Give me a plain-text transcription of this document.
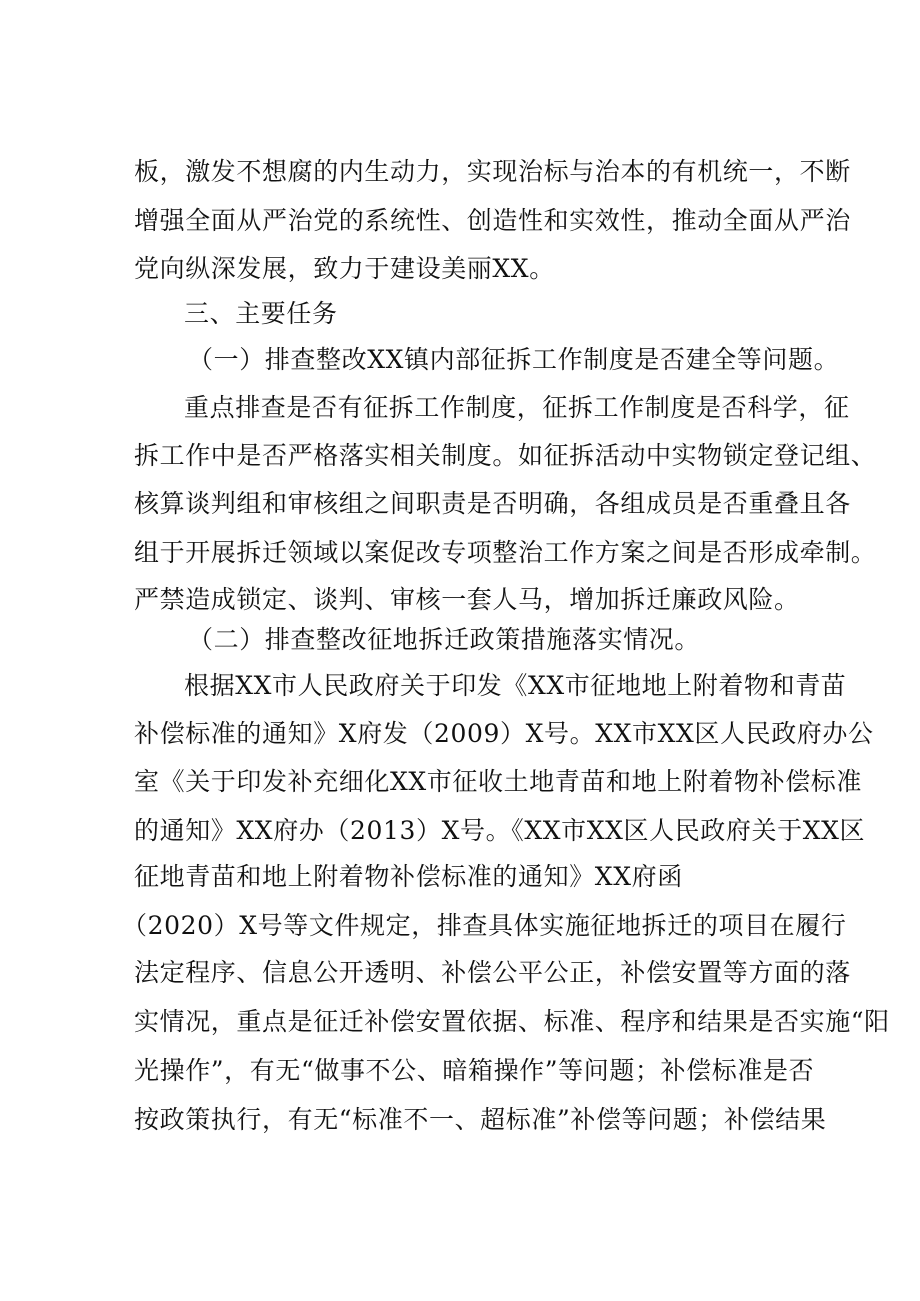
板，激发不想腐的内生动力，实现治标与治本的有机统一，不断
增强全面从严治党的系统性、创造性和实效性，推动全面从严治
党向纵深发展，致力于建设美丽XX。
三、主要任务
（一）排查整改XX镇内部征拆工作制度是否建全等问题。
重点排查是否有征拆工作制度，征拆工作制度是否科学，征
拆工作中是否严格落实相关制度。如征拆活动中实物锁定登记组、
核算谈判组和审核组之间职责是否明确，各组成员是否重叠且各
组于开展拆迁领域以案促改专项整治工作方案之间是否形成牵制。
严禁造成锁定、谈判、审核一套人马，增加拆迁廉政风险。
（二）排查整改征地拆迁政策措施落实情况。
根据XX市人民政府关于印发《XX市征地地上附着物和青苗
补偿标准的通知》X府发（2009）X号。XX市XX区人民政府办公
室《关于印发补充细化XX市征收土地青苗和地上附着物补偿标准
的通知》XX府办（2013）X号。《XX市XX区人民政府关于XX区
征地青苗和地上附着物补偿标准的通知》XX府函
（2020）X号等文件规定，排查具体实施征地拆迁的项目在履行
法定程序、信息公开透明、补偿公平公正，补偿安置等方面的落
实情况，重点是征迁补偿安置依据、标准、程序和结果是否实施“阳
光操作”，有无“做事不公、暗箱操作”等问题；补偿标准是否
按政策执行，有无“标准不一、超标准”补偿等问题；补偿结果
